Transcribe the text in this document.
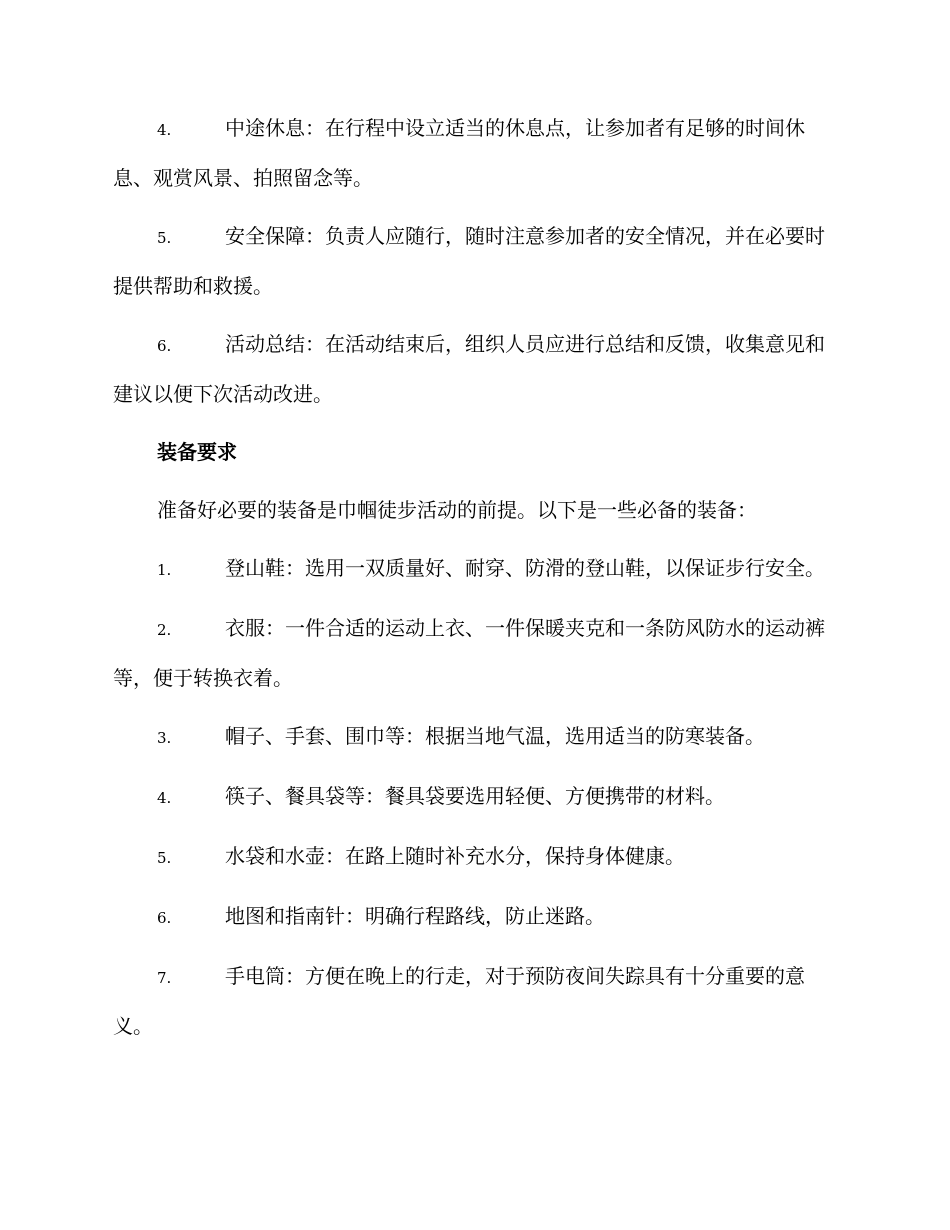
4.	中途休息：在行程中设立适当的休息点，让参加者有足够的时间休息、观赏风景、拍照留念等。

5.	安全保障：负责人应随行，随时注意参加者的安全情况，并在必要时提供帮助和救援。

6.	活动总结：在活动结束后，组织人员应进行总结和反馈，收集意见和建议以便下次活动改进。

装备要求

准备好必要的装备是巾帼徒步活动的前提。以下是一些必备的装备：

1.	登山鞋：选用一双质量好、耐穿、防滑的登山鞋，以保证步行安全。

2.	衣服：一件合适的运动上衣、一件保暖夹克和一条防风防水的运动裤等，便于转换衣着。

3.	帽子、手套、围巾等：根据当地气温，选用适当的防寒装备。

4.	筷子、餐具袋等：餐具袋要选用轻便、方便携带的材料。

5.	水袋和水壶：在路上随时补充水分，保持身体健康。

6.	地图和指南针：明确行程路线，防止迷路。

7.	手电筒：方便在晚上的行走，对于预防夜间失踪具有十分重要的意义。
